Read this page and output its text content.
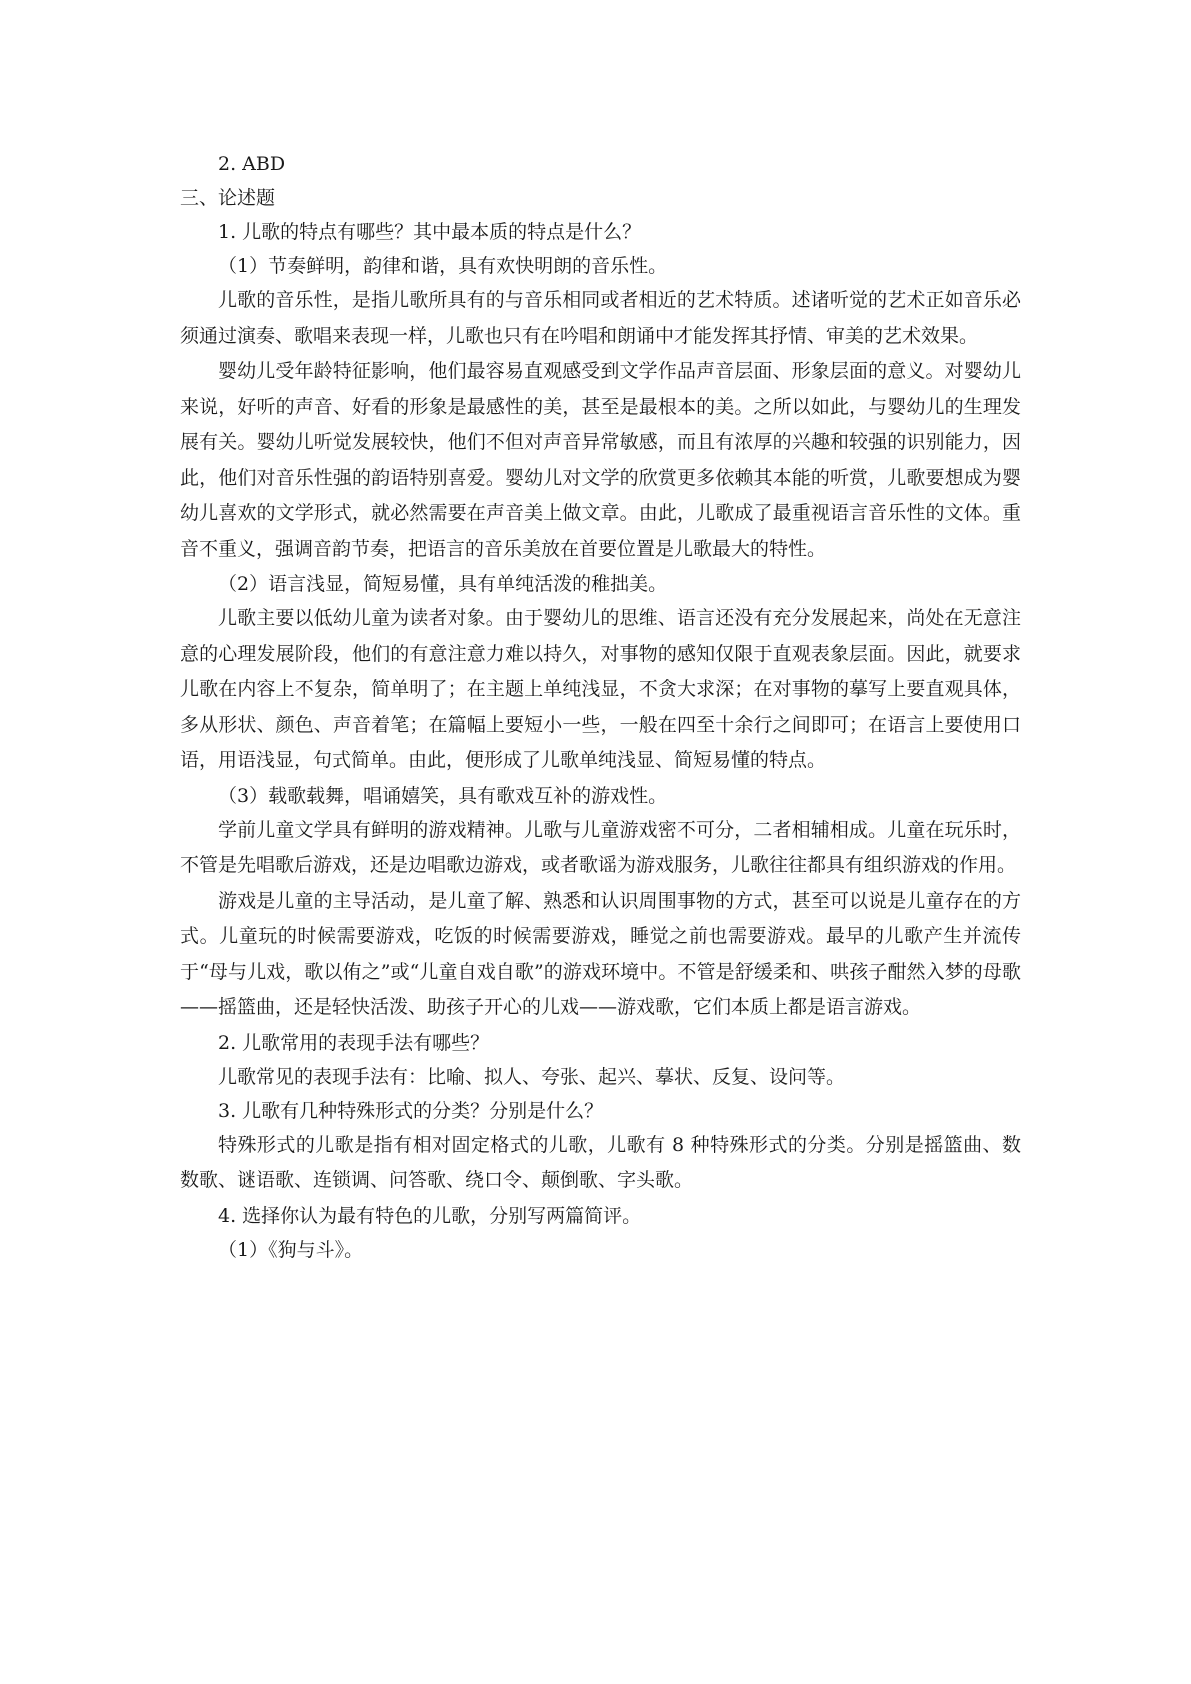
2. ABD

三、论述题

1. 儿歌的特点有哪些？其中最本质的特点是什么？

（1）节奏鲜明，韵律和谐，具有欢快明朗的音乐性。

儿歌的音乐性，是指儿歌所具有的与音乐相同或者相近的艺术特质。述诸听觉的艺术正如音乐必须通过演奏、歌唱来表现一样，儿歌也只有在吟唱和朗诵中才能发挥其抒情、审美的艺术效果。

婴幼儿受年龄特征影响，他们最容易直观感受到文学作品声音层面、形象层面的意义。对婴幼儿来说，好听的声音、好看的形象是最感性的美，甚至是最根本的美。之所以如此，与婴幼儿的生理发展有关。婴幼儿听觉发展较快，他们不但对声音异常敏感，而且有浓厚的兴趣和较强的识别能力，因此，他们对音乐性强的韵语特别喜爱。婴幼儿对文学的欣赏更多依赖其本能的听赏，儿歌要想成为婴幼儿喜欢的文学形式，就必然需要在声音美上做文章。由此，儿歌成了最重视语言音乐性的文体。重音不重义，强调音韵节奏，把语言的音乐美放在首要位置是儿歌最大的特性。

（2）语言浅显，简短易懂，具有单纯活泼的稚拙美。

儿歌主要以低幼儿童为读者对象。由于婴幼儿的思维、语言还没有充分发展起来，尚处在无意注意的心理发展阶段，他们的有意注意力难以持久，对事物的感知仅限于直观表象层面。因此，就要求儿歌在内容上不复杂，简单明了；在主题上单纯浅显，不贪大求深；在对事物的摹写上要直观具体，多从形状、颜色、声音着笔；在篇幅上要短小一些，一般在四至十余行之间即可；在语言上要使用口语，用语浅显，句式简单。由此，便形成了儿歌单纯浅显、简短易懂的特点。

（3）载歌载舞，唱诵嬉笑，具有歌戏互补的游戏性。

学前儿童文学具有鲜明的游戏精神。儿歌与儿童游戏密不可分，二者相辅相成。儿童在玩乐时，不管是先唱歌后游戏，还是边唱歌边游戏，或者歌谣为游戏服务，儿歌往往都具有组织游戏的作用。

游戏是儿童的主导活动，是儿童了解、熟悉和认识周围事物的方式，甚至可以说是儿童存在的方式。儿童玩的时候需要游戏，吃饭的时候需要游戏，睡觉之前也需要游戏。最早的儿歌产生并流传于“母与儿戏，歌以侑之”或“儿童自戏自歌”的游戏环境中。不管是舒缓柔和、哄孩子酣然入梦的母歌——摇篮曲，还是轻快活泼、助孩子开心的儿戏——游戏歌，它们本质上都是语言游戏。

2. 儿歌常用的表现手法有哪些？

儿歌常见的表现手法有：比喻、拟人、夸张、起兴、摹状、反复、设问等。

3. 儿歌有几种特殊形式的分类？分别是什么？

特殊形式的儿歌是指有相对固定格式的儿歌，儿歌有 8 种特殊形式的分类。分别是摇篮曲、数数歌、谜语歌、连锁调、问答歌、绕口令、颠倒歌、字头歌。

4. 选择你认为最有特色的儿歌，分别写两篇简评。

（1）《狗与斗》。
